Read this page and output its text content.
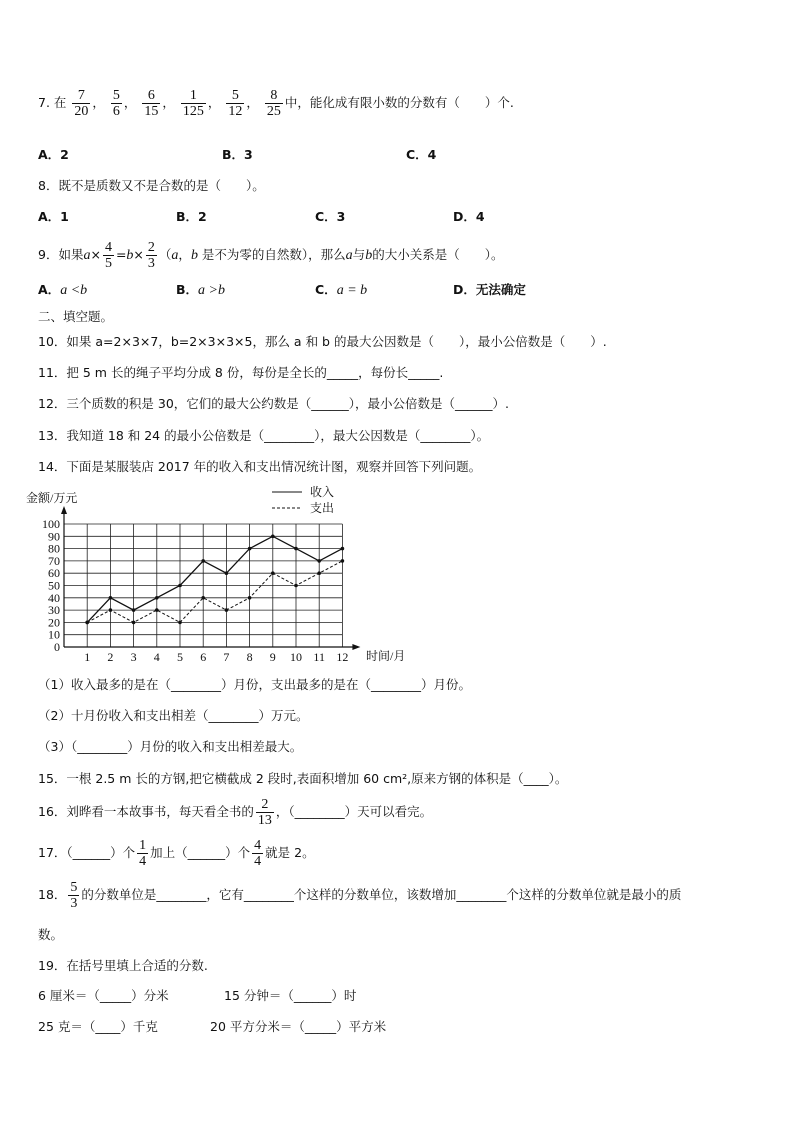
7. 在 $\frac{7}{20}$ ， $\frac{5}{6}$ ， $\frac{6}{15}$ ， $\frac{1}{125}$ ， $\frac{5}{12}$ ， $\frac{8}{25}$ 中，能化成有限小数的分数有（　　）个.
A．2	B．3	C．4
8．既不是质数又不是合数的是（　　）。
A．1	B．2	C．3	D．4
9．如果$a\times \frac{4}{5} =b\times \frac{2}{3} (a$，b 是不为零的自然数），那么a与b的大小关系是（　　）。
A．a <b	B．a >b	C．a = b	D．无法确定
二、填空题。
10．如果 a=2×3×7，b=2×3×3×5，那么 a 和 b 的最大公因数是（　　），最小公倍数是（　　）.
11．把 5 m 长的绳子平均分成 8 份，每份是全长的_____，每份长_____.
12．三个质数的积是 30，它们的最大公约数是（______），最小公倍数是（______）.
13．我知道 18 和 24 的最小公倍数是（________），最大公因数是（________）。
14．下面是某服装店 2017 年的收入和支出情况统计图，观察并回答下列问题。
0
10
20
30
40
50
60
70
80
90
100
1 2 3 4 5 6 7 8 9 10 11 12
金额/万元
时间/月
收入
支出
（1）收入最多的是在（________）月份，支出最多的是在（________）月份。
（2）十月份收入和支出相差（________）万元。
（3）（________）月份的收入和支出相差最大。
15．一根 2.5 m 长的方钢,把它横截成 2 段时,表面积增加 60 cm²,原来方钢的体积是（____）。
16．刘晔看一本故事书，每天看全书的 $\frac{2}{13}$ ，（________）天可以看完。
17．（______）个 $\frac{1}{4}$ 加上（______）个 $\frac{4}{4}$ 就是 2。
18． $\frac{5}{3}$ 的分数单位是________，它有________个这样的分数单位，该数增加________个这样的分数单位就是最小的质
数。
19．在括号里填上合适的分数.
6 厘米＝（_____）分米	15 分钟＝（______）时
25 克＝（____）千克	20 平方分米＝（_____）平方米
